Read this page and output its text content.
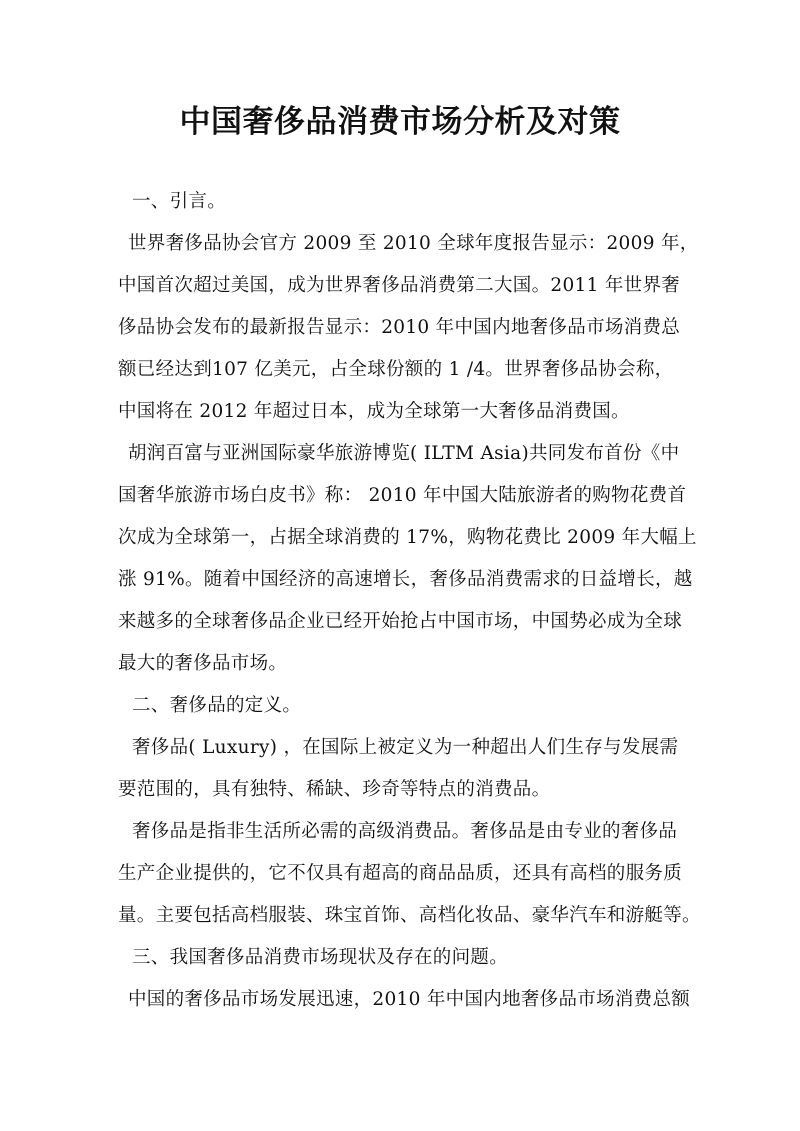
中国奢侈品消费市场分析及对策
一、引言。
世界奢侈品协会官方 2009 至 2010 全球年度报告显示：2009 年，
中国首次超过美国，成为世界奢侈品消费第二大国。2011 年世界奢
侈品协会发布的最新报告显示：2010 年中国内地奢侈品市场消费总
额已经达到107 亿美元，占全球份额的 1 /4。世界奢侈品协会称，
中国将在 2012 年超过日本，成为全球第一大奢侈品消费国。
胡润百富与亚洲国际豪华旅游博览( ILTM Asia)共同发布首份《中
国奢华旅游市场白皮书》称： 2010 年中国大陆旅游者的购物花费首
次成为全球第一，占据全球消费的 17%，购物花费比 2009 年大幅上
涨 91%。随着中国经济的高速增长，奢侈品消费需求的日益增长，越
来越多的全球奢侈品企业已经开始抢占中国市场，中国势必成为全球
最大的奢侈品市场。
二、奢侈品的定义。
奢侈品( Luxury) ，在国际上被定义为一种超出人们生存与发展需
要范围的，具有独特、稀缺、珍奇等特点的消费品。
奢侈品是指非生活所必需的高级消费品。奢侈品是由专业的奢侈品
生产企业提供的，它不仅具有超高的商品品质，还具有高档的服务质
量。主要包括高档服装、珠宝首饰、高档化妆品、豪华汽车和游艇等。
三、我国奢侈品消费市场现状及存在的问题。
中国的奢侈品市场发展迅速，2010 年中国内地奢侈品市场消费总额
